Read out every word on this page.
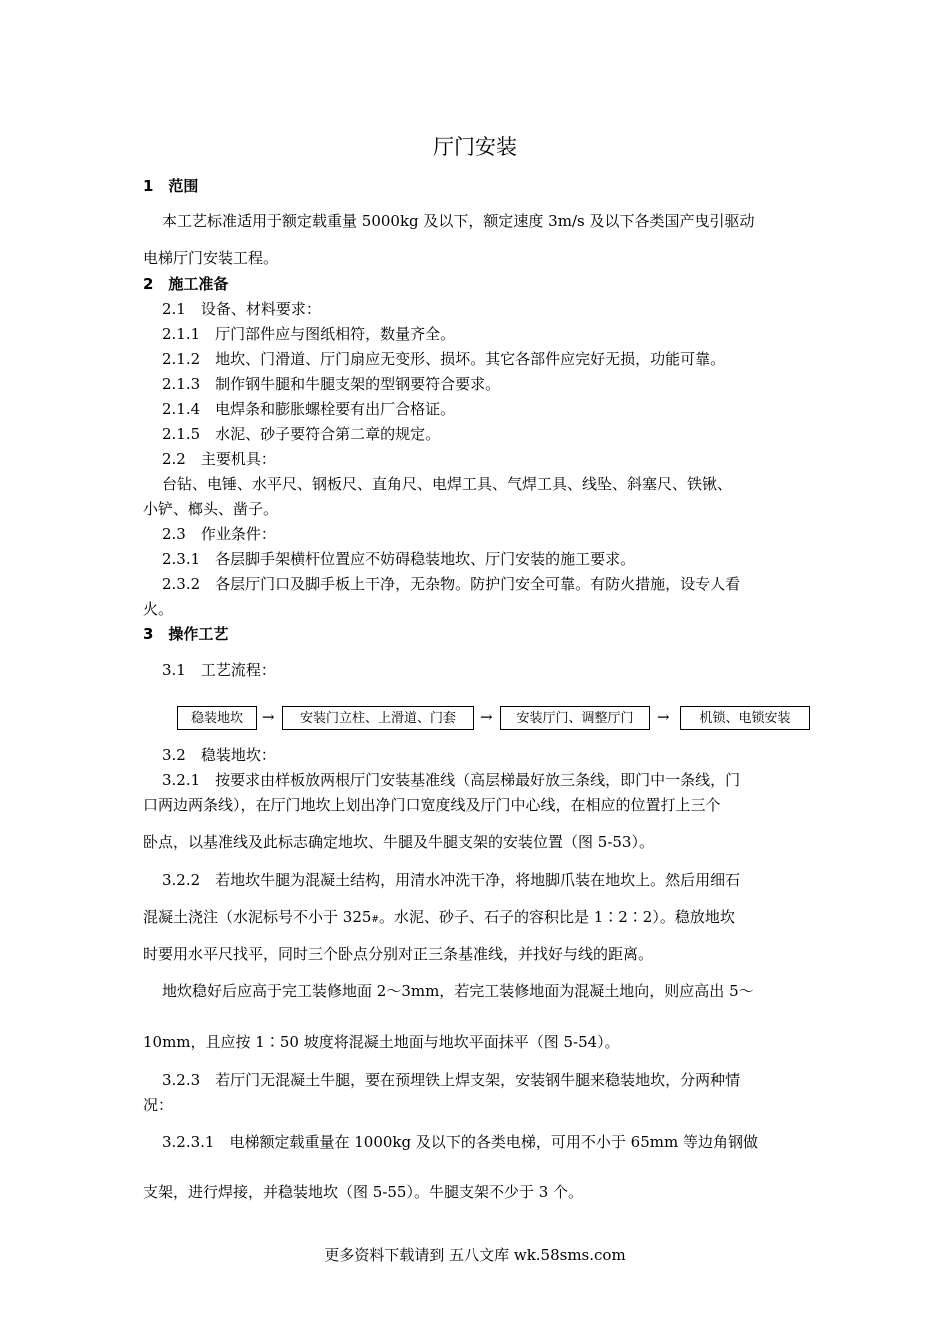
厅门安装
1　范围
本工艺标准适用于额定载重量 5000kg 及以下，额定速度 3m/s 及以下各类国产曳引驱动
电梯厅门安装工程。
2　施工准备
2.1　设备、材料要求：
2.1.1　厅门部件应与图纸相符，数量齐全。
2.1.2　地坎、门滑道、厅门扇应无变形、损坏。其它各部件应完好无损，功能可靠。
2.1.3　制作钢牛腿和牛腿支架的型钢要符合要求。
2.1.4　电焊条和膨胀螺栓要有出厂合格证。
2.1.5　水泥、砂子要符合第二章的规定。
2.2　主要机具：
台钻、电锤、水平尺、钢板尺、直角尺、电焊工具、气焊工具、线坠、斜塞尺、铁锹、
小铲、榔头、凿子。
2.3　作业条件：
2.3.1　各层脚手架横杆位置应不妨碍稳装地坎、厅门安装的施工要求。
2.3.2　各层厅门口及脚手板上干净，无杂物。防护门安全可靠。有防火措施，设专人看
火。
3　操作工艺
3.1　工艺流程：
稳装地坎	→	安装门立柱、上滑道、门套	→	安装厅门、调整厅门	→	机锁、电锁安装
3.2　稳装地坎：
3.2.1　按要求由样板放两根厅门安装基准线（高层梯最好放三条线，即门中一条线，门
口两边两条线），在厅门地坎上划出净门口宽度线及厅门中心线，在相应的位置打上三个
卧点，以基准线及此标志确定地坎、牛腿及牛腿支架的安装位置（图 5-53）。
3.2.2　若地坎牛腿为混凝土结构，用清水冲洗干净，将地脚爪装在地坎上。然后用细石
混凝土浇注（水泥标号不小于 325#。水泥、砂子、石子的容积比是 1∶2∶2）。稳放地坎
时要用水平尺找平，同时三个卧点分别对正三条基准线，并找好与线的距离。
地炊稳好后应高于完工装修地面 2～3mm，若完工装修地面为混凝土地向，则应高出 5～
10mm，且应按 1∶50 坡度将混凝土地面与地坎平面抹平（图 5-54）。
3.2.3　若厅门无混凝土牛腿，要在预埋铁上焊支架，安装钢牛腿来稳装地坎，分两种情
况：
3.2.3.1　电梯额定载重量在 1000kg 及以下的各类电梯，可用不小于 65mm 等边角钢做
支架，进行焊接，并稳装地坎（图 5-55）。牛腿支架不少于 3 个。
更多资料下载请到 五八文库 wk.58sms.com
